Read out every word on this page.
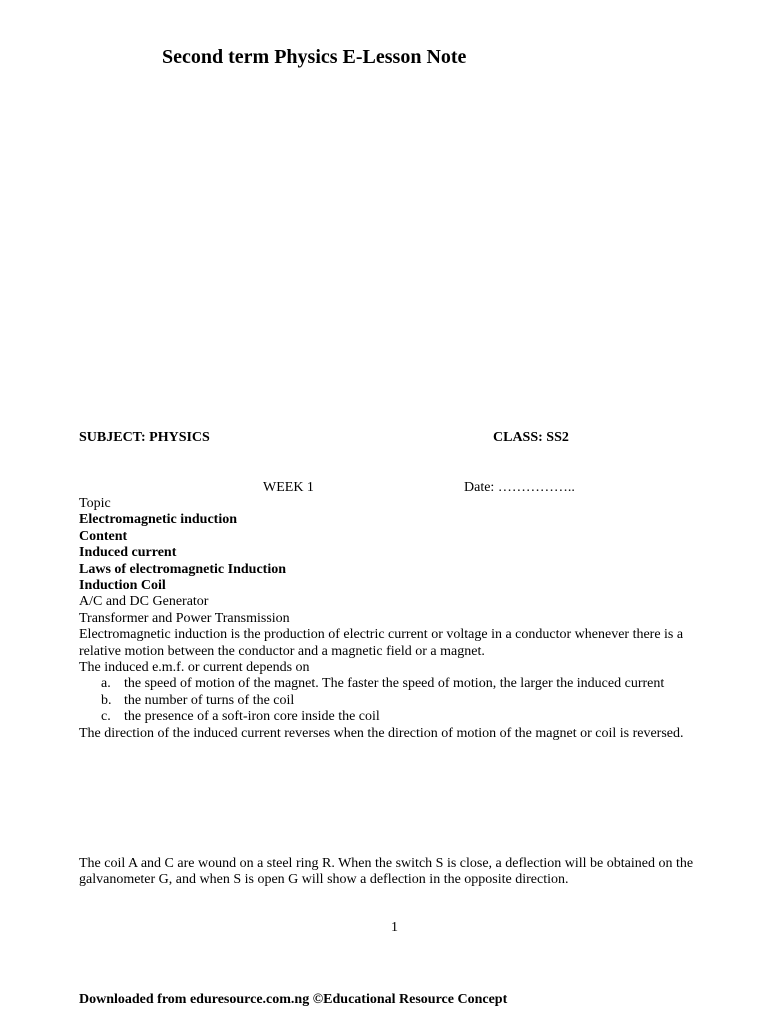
Second term Physics E-Lesson Note
SUBJECT: PHYSICS	CLASS: SS2
WEEK 1	Date: ……………..

Topic

Electromagnetic induction

Content

Induced current

Laws of electromagnetic Induction

Induction Coil

A/C and DC Generator

Transformer and Power Transmission

Electromagnetic induction is the production of electric current or voltage in a conductor whenever there is a relative motion between the conductor and a magnetic field or a magnet.

The induced e.m.f. or current depends on

a. the speed of motion of the magnet. The faster the speed of motion, the larger the induced current
b. the number of turns of the coil
c. the presence of a soft-iron core inside the coil

The direction of the induced current reverses when the direction of motion of the magnet or coil is reversed.

The coil A and C are wound on a steel ring R. When the switch S is close, a deflection will be obtained on the galvanometer G, and when S is open G will show a deflection in the opposite direction.
1
Downloaded from eduresource.com.ng ©Educational Resource Concept
